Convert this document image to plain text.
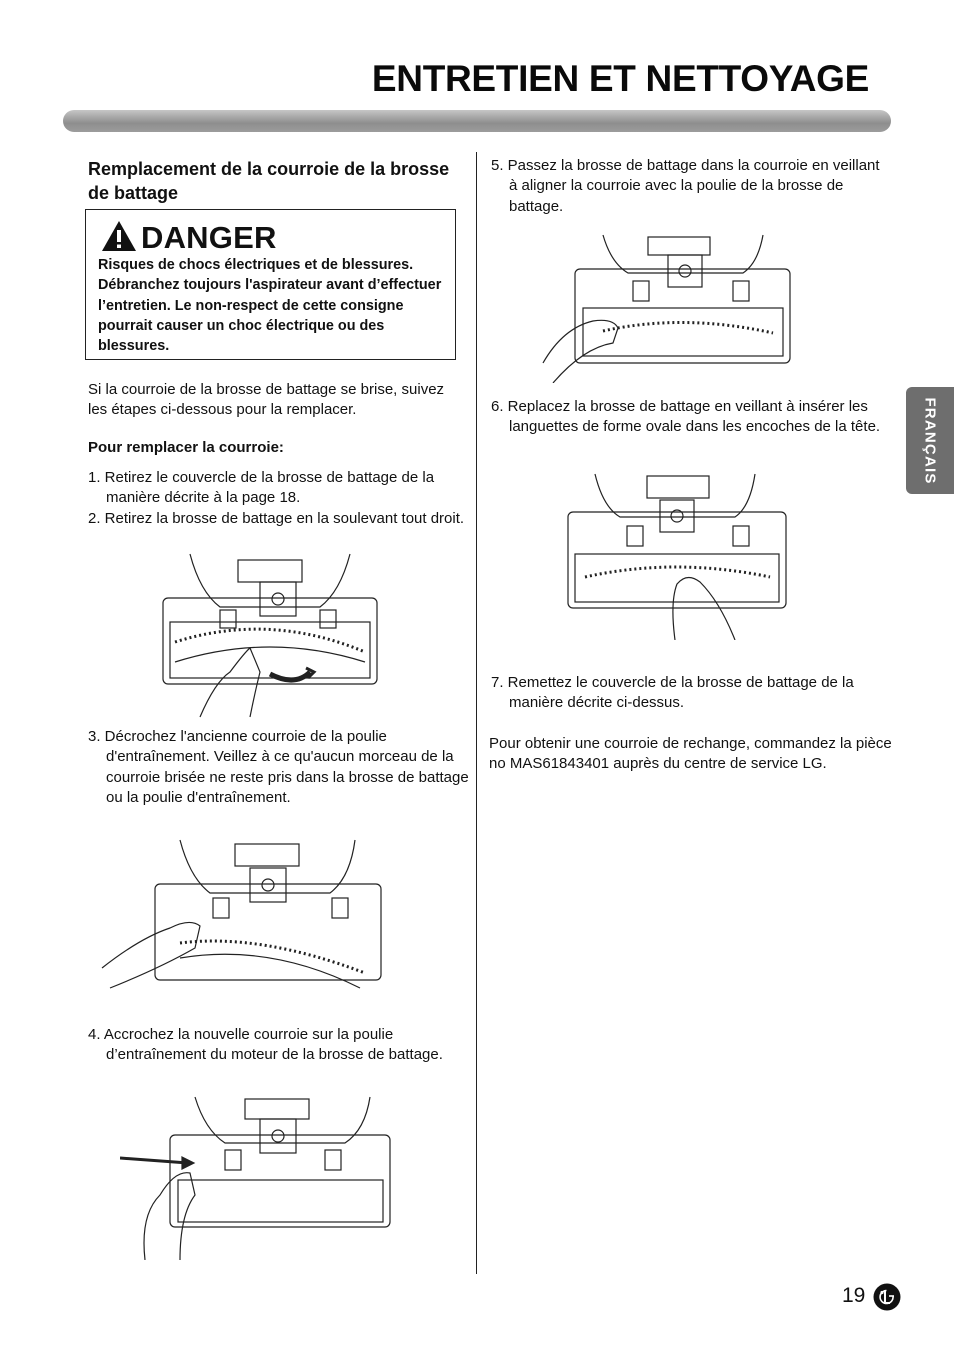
ENTRETIEN ET NETTOYAGE
Remplacement de la courroie de la brosse de battage
DANGER
Risques de chocs électriques et de blessures. Débranchez toujours l'aspirateur avant d’effectuer l’entretien. Le non-respect de cette consigne pourrait causer un choc électrique ou des blessures.
Si la courroie de la brosse de battage se brise, suivez les étapes ci-dessous pour la remplacer.
Pour remplacer la courroie:
1. Retirez le couvercle de la brosse de battage de la manière décrite à la page 18.
2. Retirez la brosse de battage en la soulevant tout droit.
3. Décrochez l'ancienne courroie de la poulie d'entraînement. Veillez à ce qu'aucun morceau de la courroie brisée ne reste pris dans la brosse de battage ou la poulie d'entraînement.
4. Accrochez la nouvelle courroie sur la poulie d’entraînement du moteur de la brosse de battage.
5. Passez la brosse de battage dans la courroie en veillant à aligner la courroie avec la poulie de la brosse de battage.
6. Replacez la brosse de battage en veillant à insérer les languettes de forme ovale dans les encoches de la tête.
7. Remettez le couvercle de la brosse de battage de la manière décrite ci-dessus.
Pour obtenir une courroie de rechange, commandez la pièce no MAS61843401 auprès du centre de service LG.
FRANÇAIS
19
